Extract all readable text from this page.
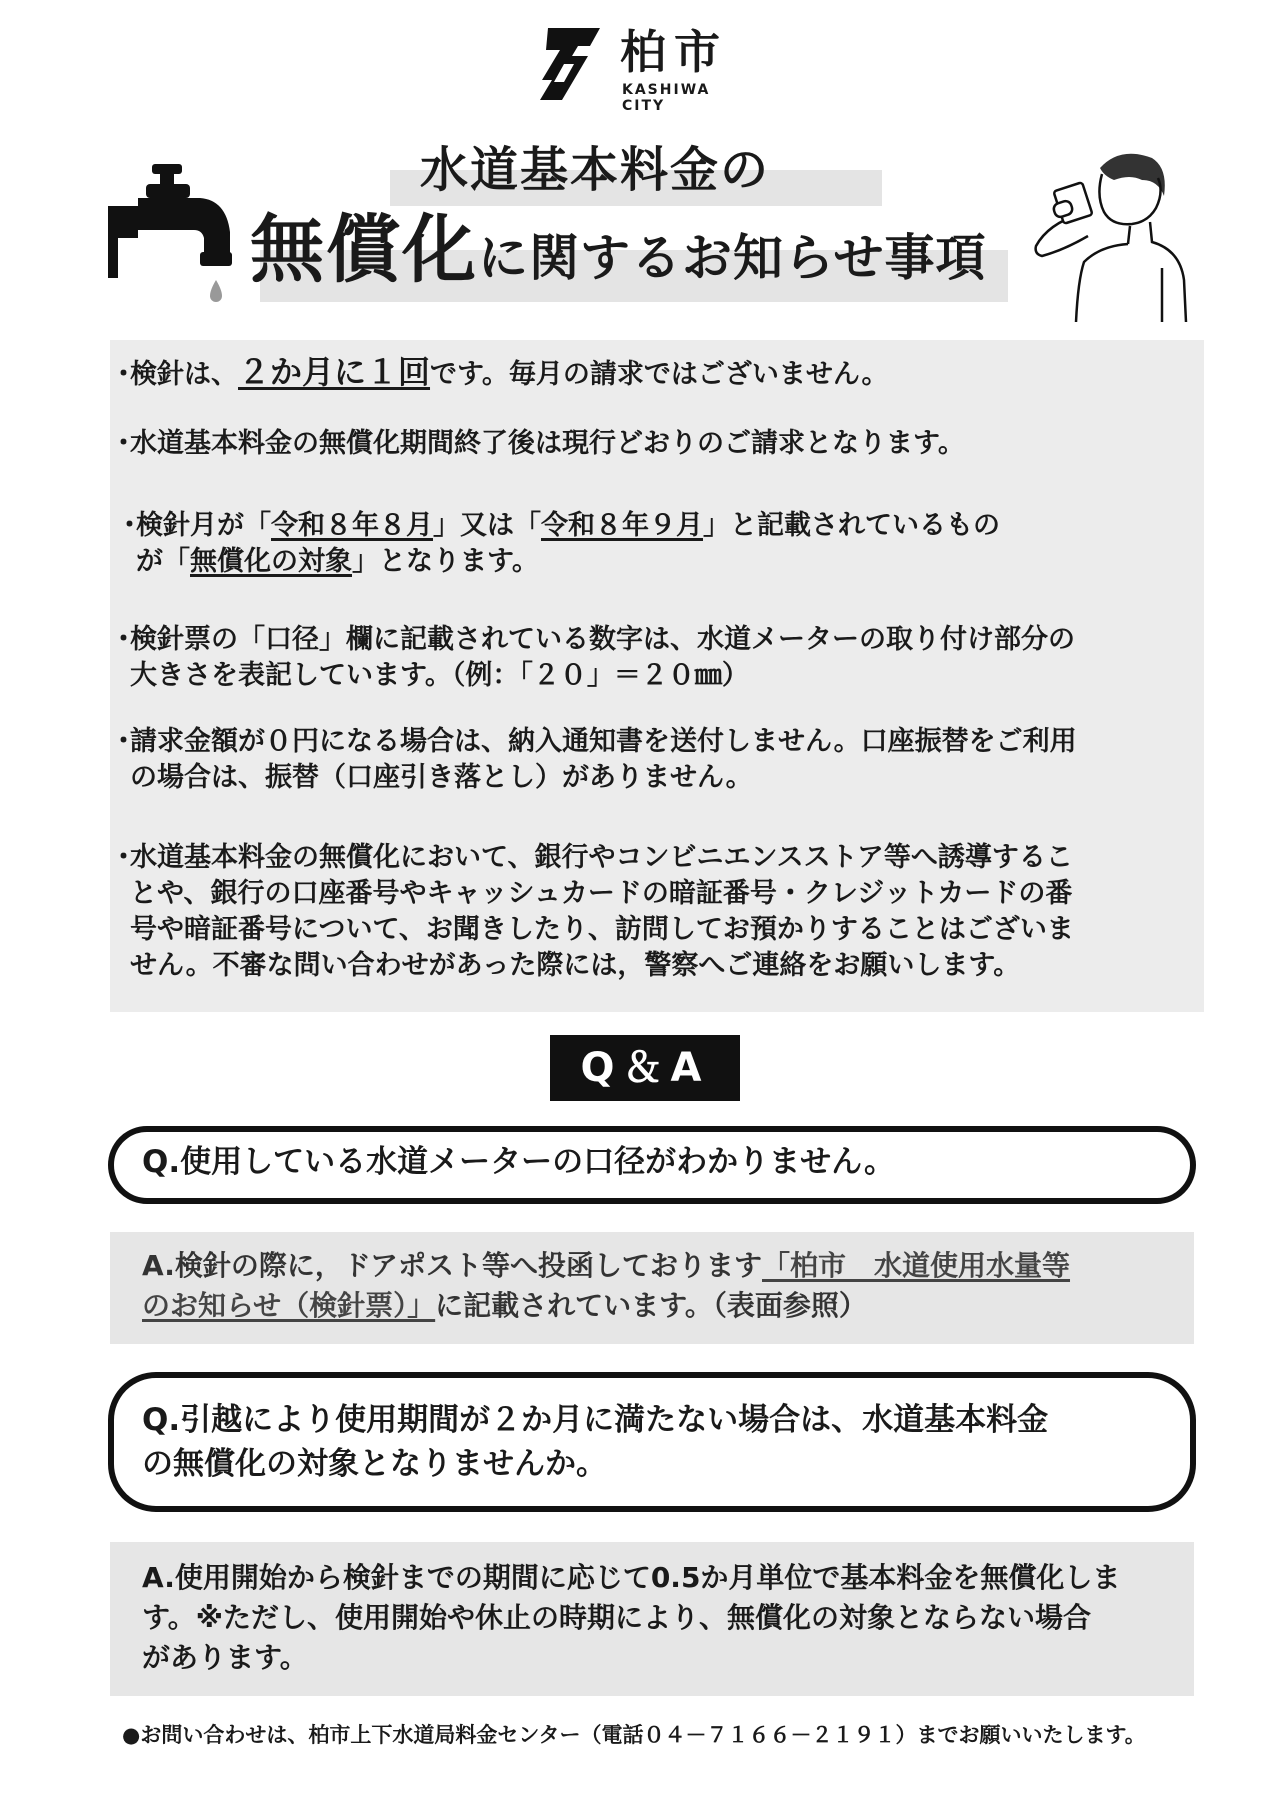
柏市
KASHIWA CITY
水道基本料金の
無償化に関するお知らせ事項
・検針は、２か月に１回です。毎月の請求ではございません。
・水道基本料金の無償化期間終了後は現行どおりのご請求となります。
・検針月が「令和８年８月」又は「令和８年９月」と記載されているもの
が「無償化の対象」となります。
・検針票の「口径」欄に記載されている数字は、水道メーターの取り付け部分の
大きさを表記しています。（例：「２０」＝２０㎜）
・請求金額が０円になる場合は、納入通知書を送付しません。口座振替をご利用
の場合は、振替（口座引き落とし）がありません。
・水道基本料金の無償化において、銀行やコンビニエンスストア等へ誘導するこ
とや、銀行の口座番号やキャッシュカードの暗証番号・クレジットカードの番
号や暗証番号について、お聞きしたり、訪問してお預かりすることはございま
せん。不審な問い合わせがあった際には，警察へご連絡をお願いします。
Q＆A
Q.使用している水道メーターの口径がわかりません。
A.検針の際に，ドアポスト等へ投函しております「柏市　水道使用水量等
のお知らせ（検針票）」に記載されています。（表面参照）
Q.引越により使用期間が２か月に満たない場合は、水道基本料金
の無償化の対象となりませんか。
A.使用開始から検針までの期間に応じて0.5か月単位で基本料金を無償化しま
す。※ただし、使用開始や休止の時期により、無償化の対象とならない場合
があります。
●お問い合わせは、柏市上下水道局料金センター（電話０４－７１６６－２１９１）までお願いいたします。
